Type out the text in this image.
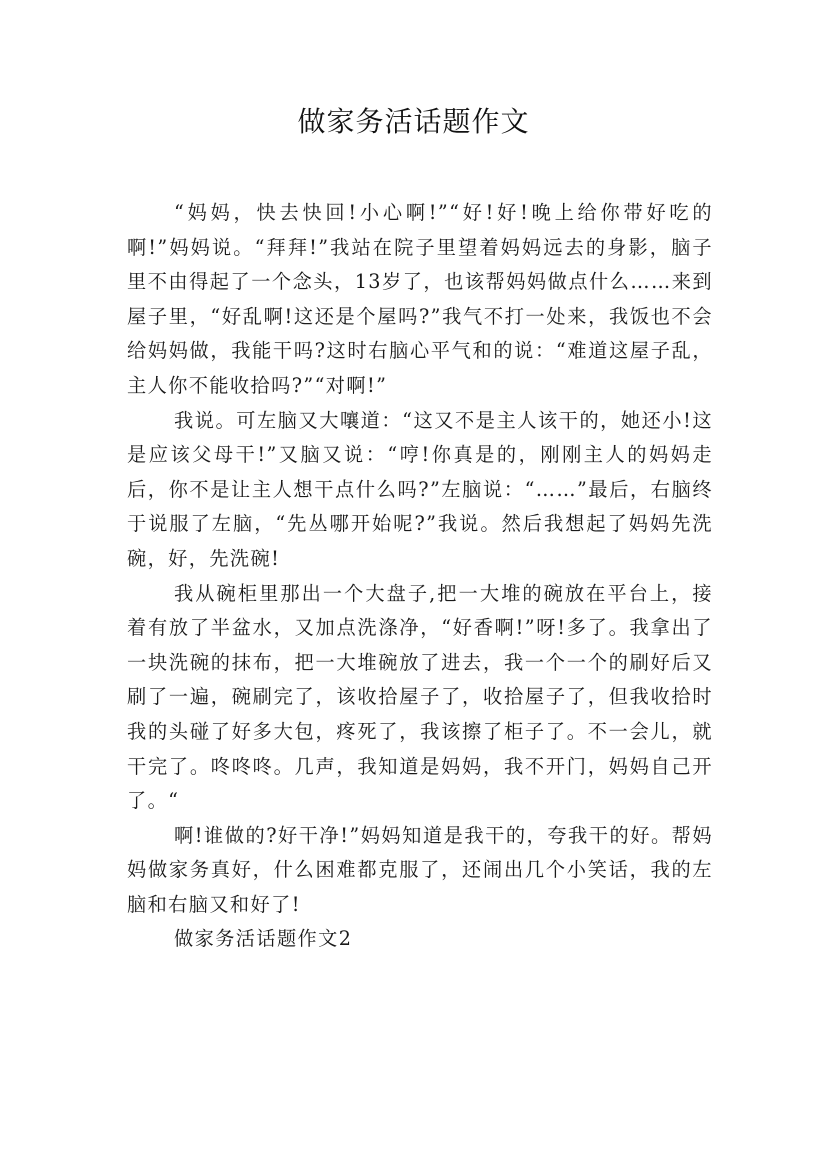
做家务活话题作文

“妈妈，快去快回!小心啊!”“好!好!晚上给你带好吃的啊!”妈妈说。“拜拜!”我站在院子里望着妈妈远去的身影，脑子里不由得起了一个念头，13岁了，也该帮妈妈做点什么……来到屋子里，“好乱啊!这还是个屋吗?”我气不打一处来，我饭也不会给妈妈做，我能干吗?这时右脑心平气和的说：“难道这屋子乱，主人你不能收拾吗?”“对啊!”

我说。可左脑又大嚷道：“这又不是主人该干的，她还小!这是应该父母干!”又脑又说：“哼!你真是的，刚刚主人的妈妈走后，你不是让主人想干点什么吗?”左脑说：“……”最后，右脑终于说服了左脑，“先丛哪开始呢?”我说。然后我想起了妈妈先洗碗，好，先洗碗!

我从碗柜里那出一个大盘子,把一大堆的碗放在平台上，接着有放了半盆水，又加点洗涤净，“好香啊!”呀!多了。我拿出了一块洗碗的抹布，把一大堆碗放了进去，我一个一个的刷好后又刷了一遍，碗刷完了，该收拾屋子了，收拾屋子了，但我收拾时我的头碰了好多大包，疼死了，我该擦了柜子了。不一会儿，就干完了。咚咚咚。几声，我知道是妈妈，我不开门，妈妈自己开了。“

啊!谁做的?好干净!”妈妈知道是我干的，夸我干的好。帮妈妈做家务真好，什么困难都克服了，还闹出几个小笑话，我的左脑和右脑又和好了!

做家务活话题作文2
